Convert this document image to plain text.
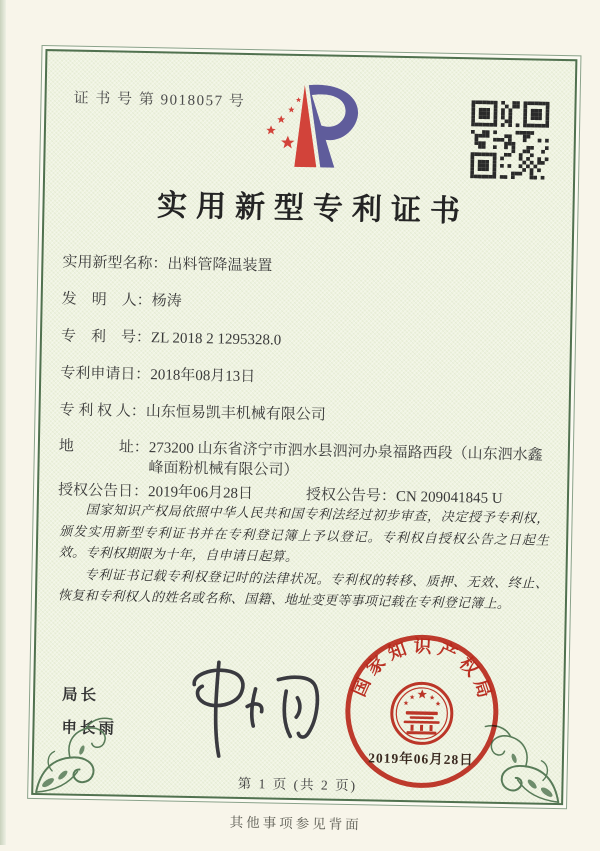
证 书 号 第 9018057 号
实用新型专利证书
实用新型名称： 出料管降温装置
发　明　人： 杨涛
专　利　号： ZL 2018 2 1295328.0
专利申请日： 2018年08月13日
专 利 权 人： 山东恒易凯丰机械有限公司
地　　　址： 273200 山东省济宁市泗水县泗河办泉福路西段（山东泗水鑫峰面粉机械有限公司）
授权公告日： 2019年06月28日	授权公告号： CN 209041845 U

国家知识产权局依照中华人民共和国专利法经过初步审查，决定授予专利权，颁发实用新型专利证书并在专利登记簿上予以登记。专利权自授权公告之日起生效。专利权期限为十年，自申请日起算。

专利证书记载专利权登记时的法律状况。专利权的转移、质押、无效、终止、恢复和专利权人的姓名或名称、国籍、地址变更等事项记载在专利登记簿上。

局长
申长雨
国家知识产权局
2019年06月28日
第 1 页 (共 2 页)
其他事项参见背面
